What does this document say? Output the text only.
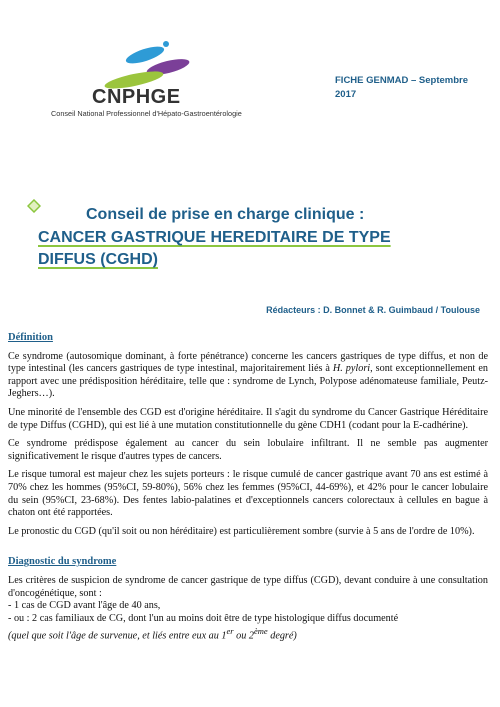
CNPHGE
Conseil National Professionnel d'Hépato-Gastroentérologie
FICHE GENMAD – Septembre 2017
Conseil de prise en charge clinique :
CANCER GASTRIQUE HEREDITAIRE DE TYPE
DIFFUS (CGHD)
Rédacteurs : D. Bonnet & R. Guimbaud / Toulouse
Définition

Ce syndrome (autosomique dominant, à forte pénétrance) concerne les cancers gastriques de type diffus, et non de type intestinal (les cancers gastriques de type intestinal, majoritairement liés à H. pylori, sont exceptionnellement en rapport avec une prédisposition héréditaire, telle que : syndrome de Lynch, Polypose adénomateuse familiale, Peutz-Jeghers…).

Une minorité de l'ensemble des CGD est d'origine héréditaire. Il s'agit du syndrome du Cancer Gastrique Héréditaire de type Diffus (CGHD), qui est lié à une mutation constitutionnelle du gène CDH1 (codant pour la E-cadhérine).

Ce syndrome prédispose également au cancer du sein lobulaire infiltrant. Il ne semble pas augmenter significativement le risque d'autres types de cancers.

Le risque tumoral est majeur chez les sujets porteurs : le risque cumulé de cancer gastrique avant 70 ans est estimé à 70% chez les hommes (95%CI, 59-80%), 56% chez les femmes (95%CI, 44-69%), et 42% pour le cancer lobulaire du sein (95%CI, 23-68%). Des fentes labio-palatines et d'exceptionnels cancers colorectaux à cellules en bague à chaton ont été rapportées.

Le pronostic du CGD (qu'il soit ou non héréditaire) est particulièrement sombre (survie à 5 ans de l'ordre de 10%).

Diagnostic du syndrome

Les critères de suspicion de syndrome de cancer gastrique de type diffus (CGD), devant conduire à une consultation d'oncogénétique, sont :

- 1 cas de CGD avant l'âge de 40 ans,
- ou : 2 cas familiaux de CG, dont l'un au moins doit être de type histologique diffus documenté
(quel que soit l'âge de survenue, et liés entre eux au 1er ou 2ème degré)
